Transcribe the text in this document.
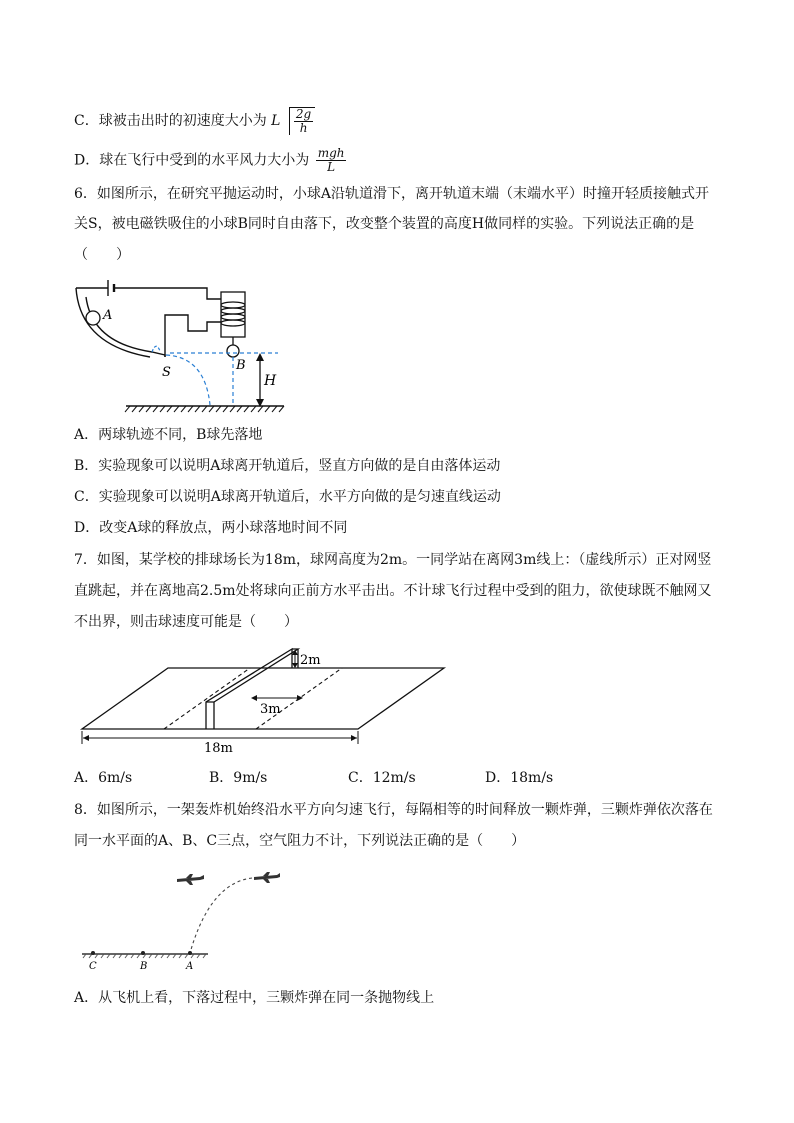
C．球被击出时的初速度大小为 L $\frac{2g}{h}$
D．球在飞行中受到的水平风力大小为 $\frac{\text{mgh}}{L}$
6．如图所示，在研究平抛运动时，小球A沿轨道滑下，离开轨道末端（末端水平）时撞开轻质接触式开
关S，被电磁铁吸住的小球B同时自由落下，改变整个装置的高度H做同样的实验。下列说法正确的是
（　　）
A
B
S
H
A．两球轨迹不同，B球先落地
B．实验现象可以说明A球离开轨道后，竖直方向做的是自由落体运动
C．实验现象可以说明A球离开轨道后，水平方向做的是匀速直线运动
D．改变A球的释放点，两小球落地时间不同
7．如图，某学校的排球场长为18m，球网高度为2m。一同学站在离网3m线上：（虚线所示）正对网竖
直跳起，并在离地高2.5m处将球向正前方水平击出。不计球飞行过程中受到的阻力，欲使球既不触网又
不出界，则击球速度可能是（　　）
2m
3m
18m
A．6m/s	B．9m/s	C．12m/s	D．18m/s
8．如图所示，一架轰炸机始终沿水平方向匀速飞行，每隔相等的时间释放一颗炸弹，三颗炸弹依次落在
同一水平面的A、B、C三点，空气阻力不计，下列说法正确的是（　　）
C	B	A
A．从飞机上看，下落过程中，三颗炸弹在同一条抛物线上
